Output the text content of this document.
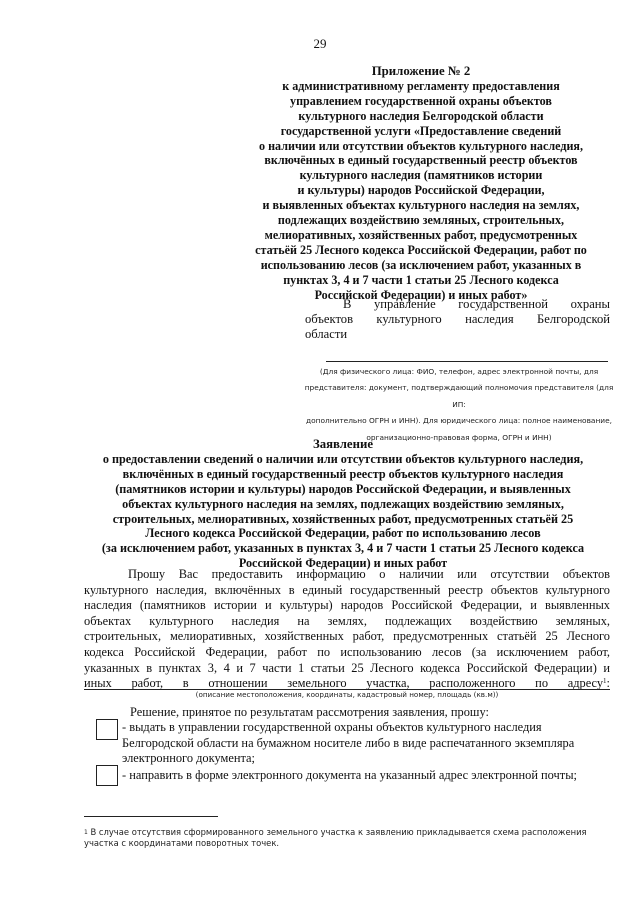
29
Приложение № 2
к административному регламенту предоставления
управлением государственной охраны объектов
культурного наследия Белгородской области
государственной услуги «Предоставление сведений
о наличии или отсутствии объектов культурного наследия,
включённых в единый государственный реестр объектов
культурного наследия (памятников истории
и культуры) народов Российской Федерации,
и выявленных объектах культурного наследия на землях,
подлежащих воздействию земляных, строительных,
мелиоративных, хозяйственных работ, предусмотренных
статьёй 25 Лесного кодекса Российской Федерации, работ по
использованию лесов (за исключением работ, указанных в
пунктах 3, 4 и 7 части 1 статьи 25 Лесного кодекса
Российской Федерации) и иных работ»
В управление государственной охраны
объектов культурного наследия Белгородской
области
(Для физического лица: ФИО, телефон, адрес электронной почты, для
представителя: документ, подтверждающий полномочия представителя (для ИП:
дополнительно ОГРН и ИНН). Для юридического лица: полное наименование,
организационно-правовая форма, ОГРН и ИНН)
Заявление
о предоставлении сведений о наличии или отсутствии объектов культурного наследия,
включённых в единый государственный реестр объектов культурного наследия
(памятников истории и культуры) народов Российской Федерации, и выявленных
объектах культурного наследия на землях, подлежащих воздействию земляных,
строительных, мелиоративных, хозяйственных работ, предусмотренных статьёй 25
Лесного кодекса Российской Федерации, работ по использованию лесов
(за исключением работ, указанных в пунктах 3, 4 и 7 части 1 статьи 25 Лесного кодекса
Российской Федерации) и иных работ
Прошу Вас предоставить информацию о наличии или отсутствии объектов
культурного наследия, включённых в единый государственный реестр объектов культурного
наследия (памятников истории и культуры) народов Российской Федерации, и выявленных
объектах культурного наследия на землях, подлежащих воздействию земляных,
строительных, мелиоративных, хозяйственных работ, предусмотренных статьёй 25 Лесного
кодекса Российской Федерации, работ по использованию лесов (за исключением работ,
указанных в пунктах 3, 4 и 7 части 1 статьи 25 Лесного кодекса Российской Федерации) и
иных работ, в отношении земельного участка, расположенного по адресу$^1$:
(описание местоположения, координаты, кадастровый номер, площадь (кв.м))
Решение, принятое по результатам рассмотрения заявления, прошу:
- выдать в управлении государственной охраны объектов культурного наследия
Белгородской области на бумажном носителе либо в виде распечатанного экземпляра
электронного документа;
- направить в форме электронного документа на указанный адрес электронной почты;
$^1$ В случае отсутствия сформированного земельного участка к заявлению прикладывается схема расположения участка с координатами поворотных точек.
